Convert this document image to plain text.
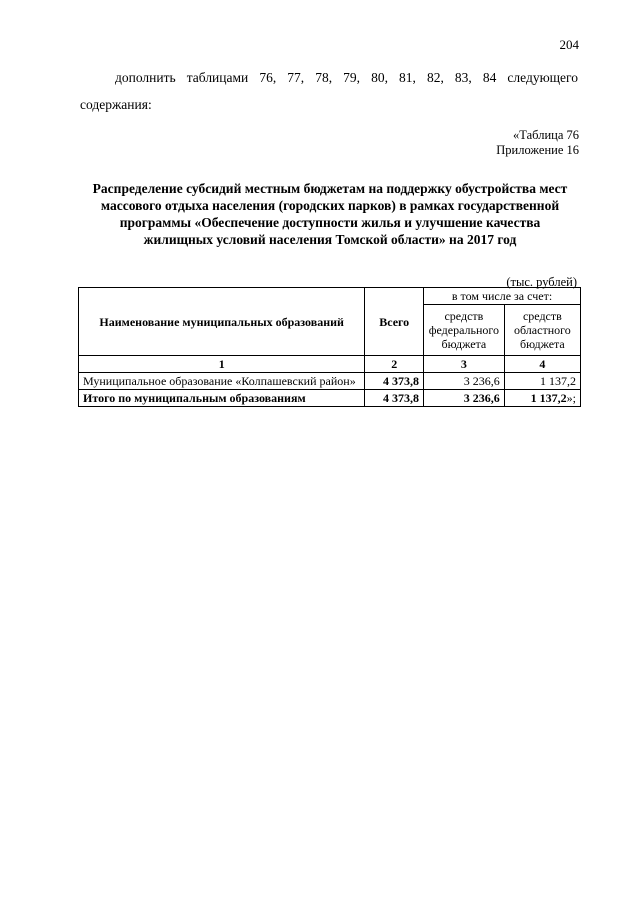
204
дополнить таблицами 76, 77, 78, 79, 80, 81, 82, 83, 84 следующего
содержания:
«Таблица 76
Приложение 16
Распределение субсидий местным бюджетам на поддержку обустройства мест
массового отдыха населения (городских парков) в рамках государственной
программы «Обеспечение доступности жилья и улучшение качества
жилищных условий населения Томской области» на 2017 год
(тыс. рублей)
Наименование муниципальных образований	Всего	в том числе за счет:	
		средств федерального бюджета	средств областного бюджета
1	2	3	4
Муниципальное образование «Колпашевский район»	4 373,8	3 236,6	1 137,2
Итого по муниципальным образованиям	4 373,8	3 236,6	1 137,2»;
